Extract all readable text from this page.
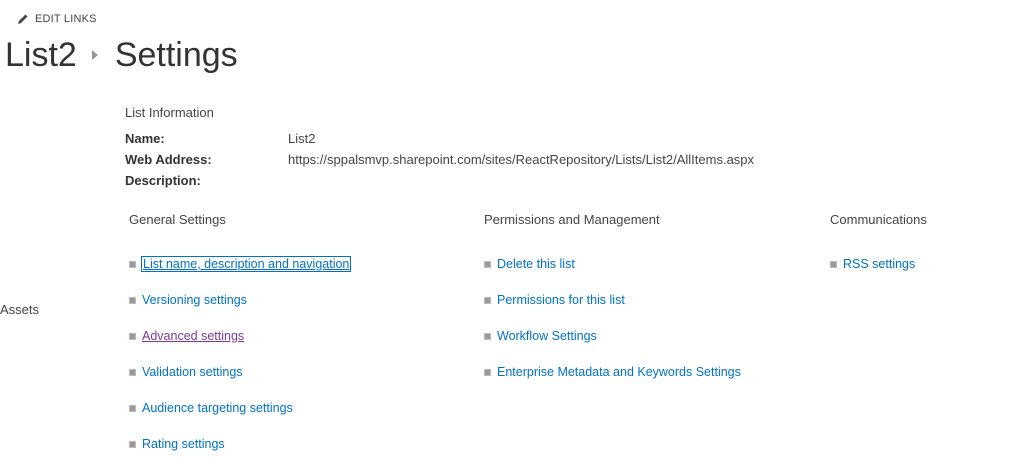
EDIT LINKS
List2 Settings
Assets
List Information
Name:	List2
Web Address:	https://sppalsmvp.sharepoint.com/sites/ReactRepository/Lists/List2/AllItems.aspx
Description:
General Settings
List name, description and navigation
Versioning settings
Advanced settings
Validation settings
Audience targeting settings
Rating settings
Permissions and Management
Delete this list
Permissions for this list
Workflow Settings
Enterprise Metadata and Keywords Settings
Communications
RSS settings
